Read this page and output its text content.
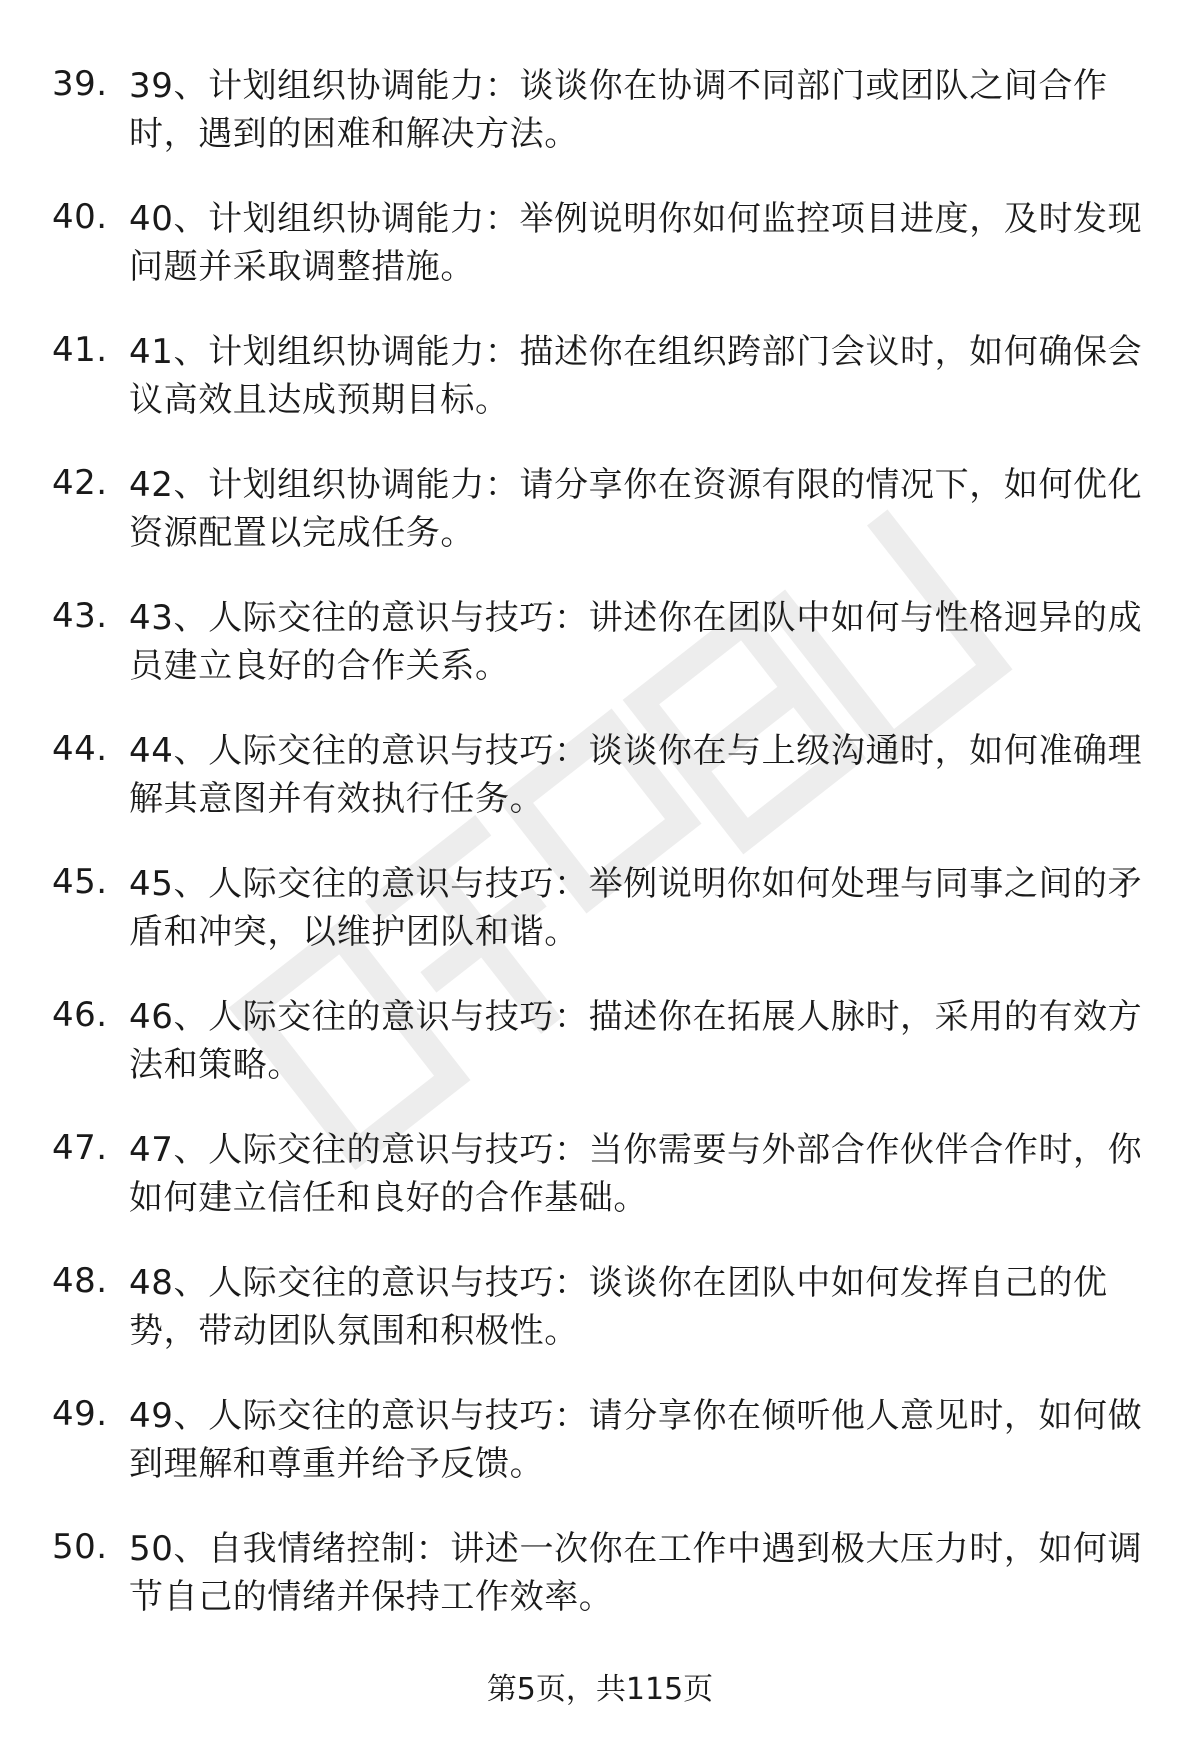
39. 39、计划组织协调能力：谈谈你在协调不同部门或团队之间合作时，遇到的困难和解决方法。
40. 40、计划组织协调能力：举例说明你如何监控项目进度，及时发现问题并采取调整措施。
41. 41、计划组织协调能力：描述你在组织跨部门会议时，如何确保会议高效且达成预期目标。
42. 42、计划组织协调能力：请分享你在资源有限的情况下，如何优化资源配置以完成任务。
43. 43、人际交往的意识与技巧：讲述你在团队中如何与性格迥异的成员建立良好的合作关系。
44. 44、人际交往的意识与技巧：谈谈你在与上级沟通时，如何准确理解其意图并有效执行任务。
45. 45、人际交往的意识与技巧：举例说明你如何处理与同事之间的矛盾和冲突，以维护团队和谐。
46. 46、人际交往的意识与技巧：描述你在拓展人脉时，采用的有效方法和策略。
47. 47、人际交往的意识与技巧：当你需要与外部合作伙伴合作时，你如何建立信任和良好的合作基础。
48. 48、人际交往的意识与技巧：谈谈你在团队中如何发挥自己的优势，带动团队氛围和积极性。
49. 49、人际交往的意识与技巧：请分享你在倾听他人意见时，如何做到理解和尊重并给予反馈。
50. 50、自我情绪控制：讲述一次你在工作中遇到极大压力时，如何调节自己的情绪并保持工作效率。
第5页，共115页
